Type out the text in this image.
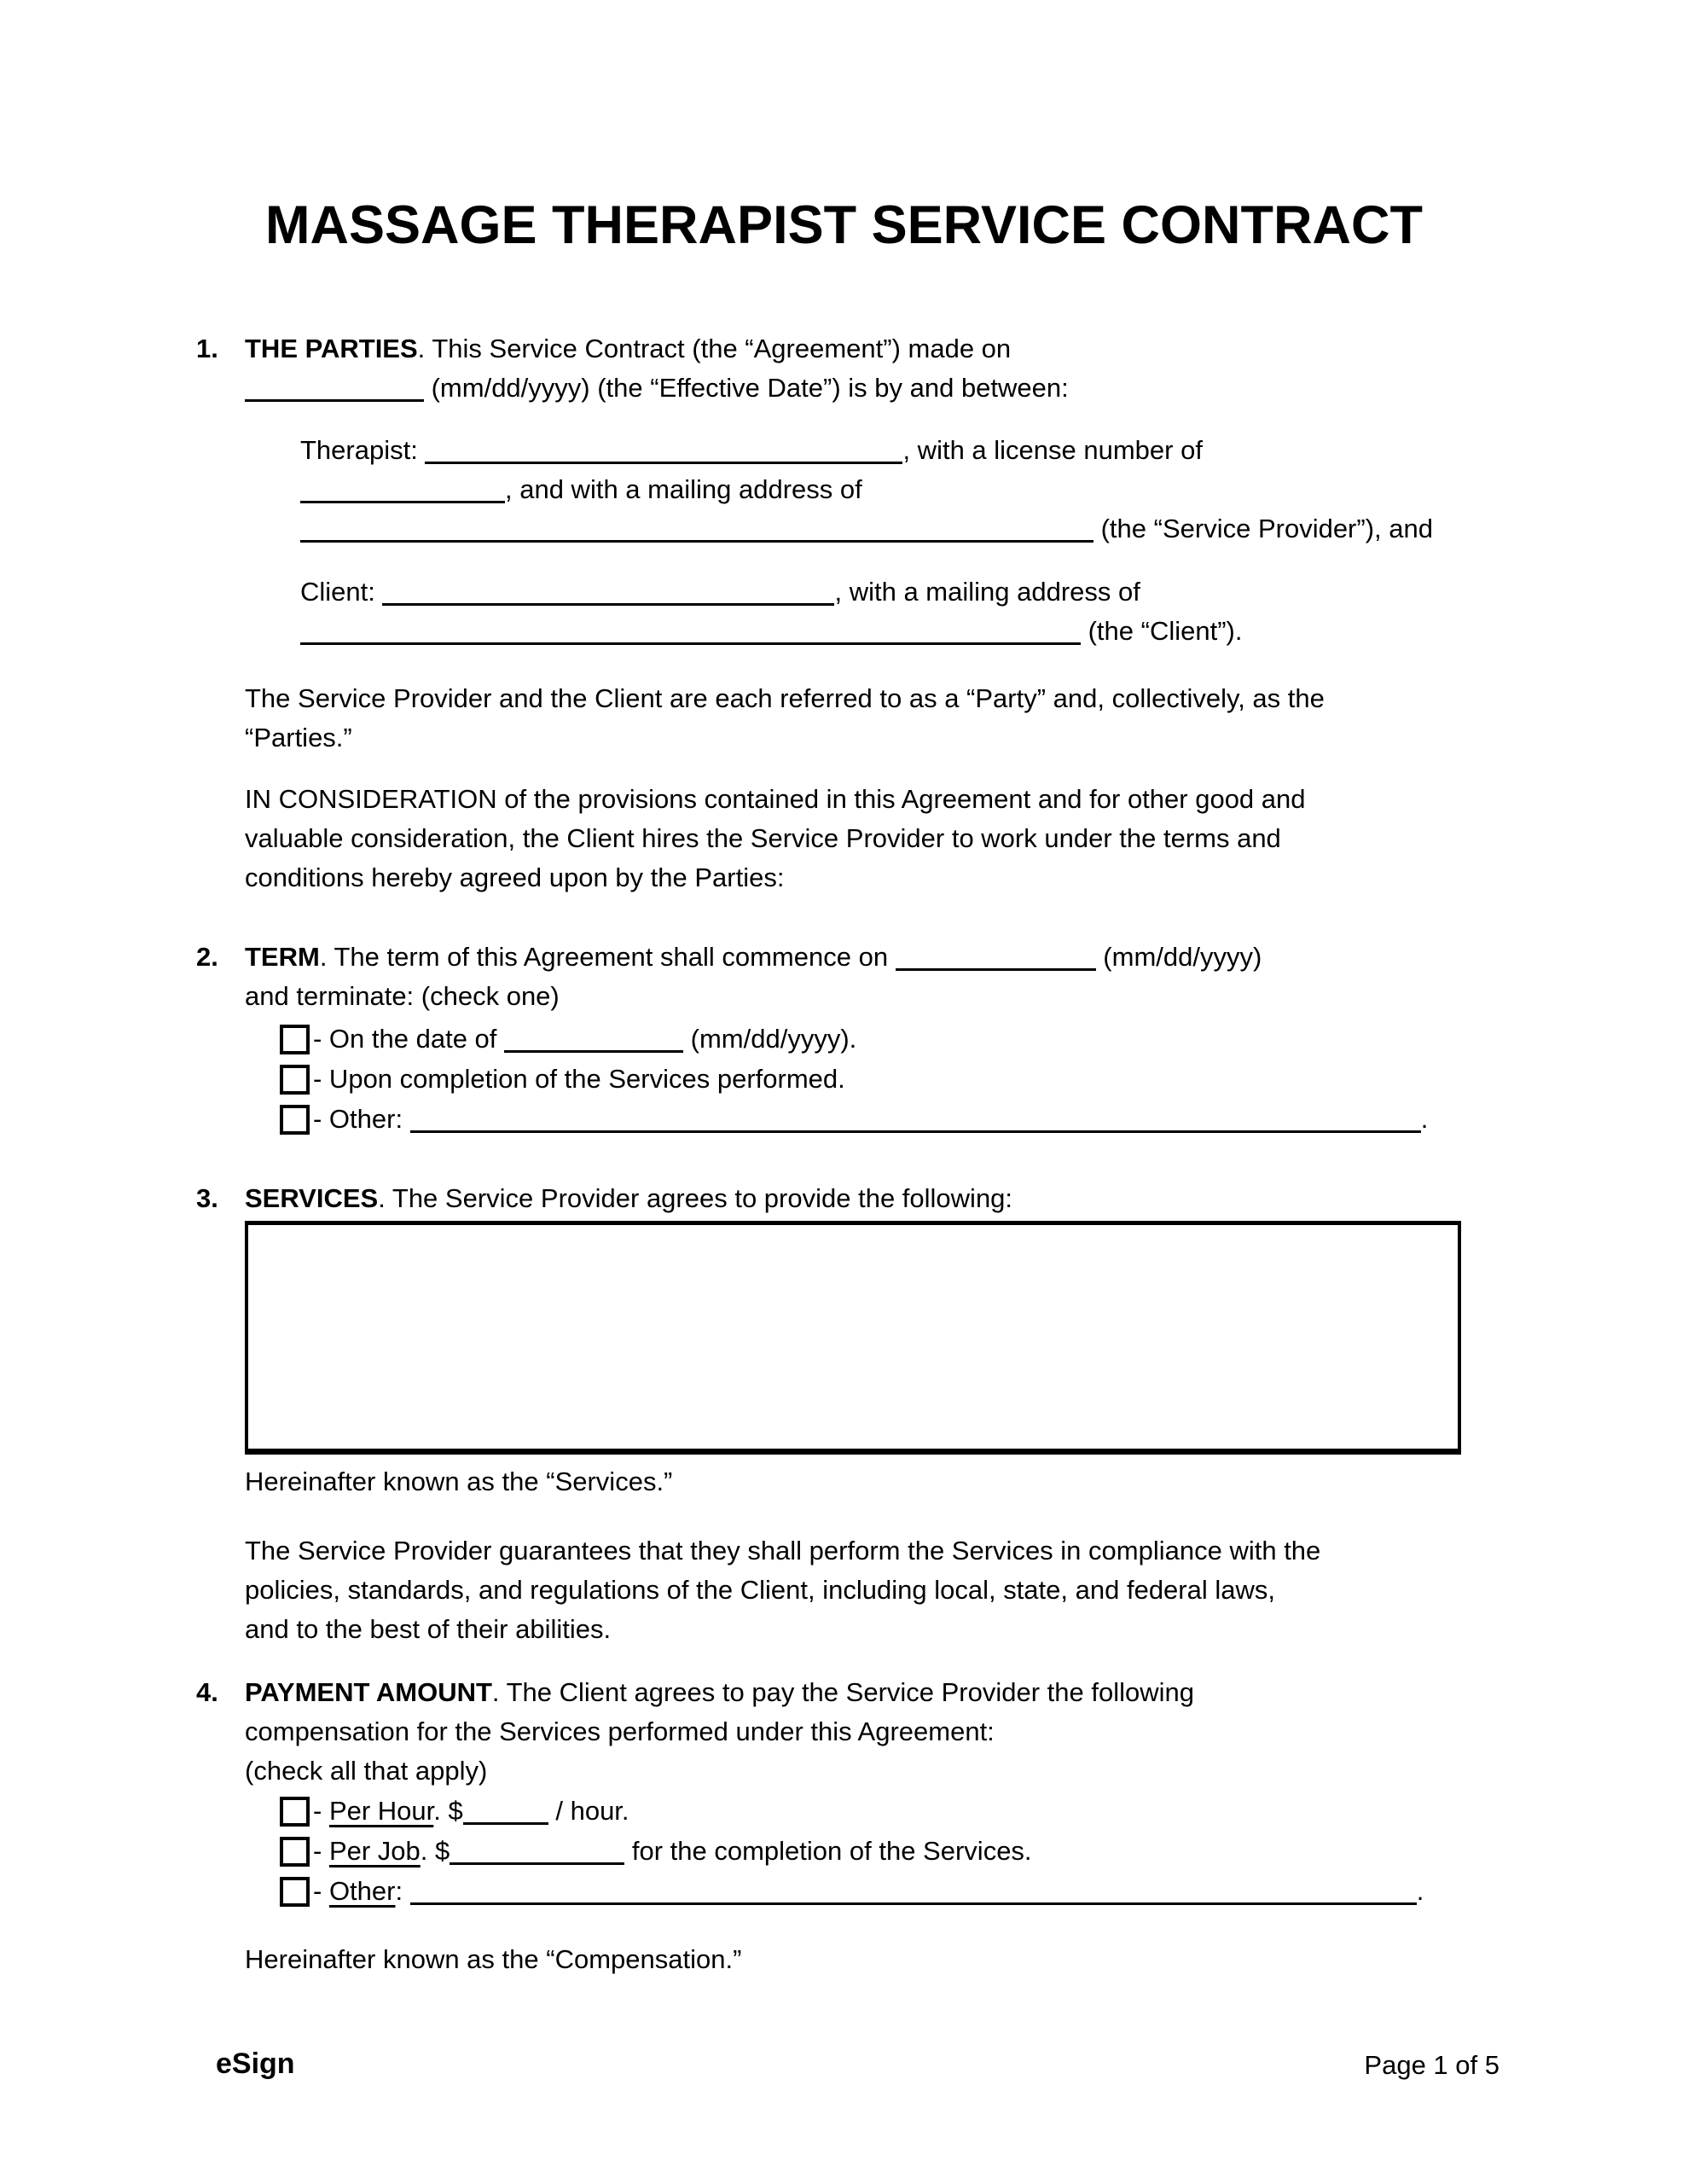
MASSAGE THERAPIST SERVICE CONTRACT
1.	THE PARTIES. This Service Contract (the “Agreement”) made on
(mm/dd/yyyy) (the “Effective Date”) is by and between:
Therapist:	, with a license number of
, and with a mailing address of
(the “Service Provider”), and
Client:	, with a mailing address of
(the “Client”).
The Service Provider and the Client are each referred to as a “Party” and, collectively, as the
“Parties.”
IN CONSIDERATION of the provisions contained in this Agreement and for other good and
valuable consideration, the Client hires the Service Provider to work under the terms and
conditions hereby agreed upon by the Parties:
2.	TERM. The term of this Agreement shall commence on	(mm/dd/yyyy)
and terminate: (check one)
- On the date of	(mm/dd/yyyy).
- Upon completion of the Services performed.
- Other:	.
3.	SERVICES. The Service Provider agrees to provide the following:
Hereinafter known as the “Services.”
The Service Provider guarantees that they shall perform the Services in compliance with the
policies, standards, and regulations of the Client, including local, state, and federal laws,
and to the best of their abilities.
4.	PAYMENT AMOUNT. The Client agrees to pay the Service Provider the following
compensation for the Services performed under this Agreement:
(check all that apply)
- Per Hour. $	/ hour.
- Per Job. $	for the completion of the Services.
- Other:	.
Hereinafter known as the “Compensation.”
eSign	Page 1 of 5
